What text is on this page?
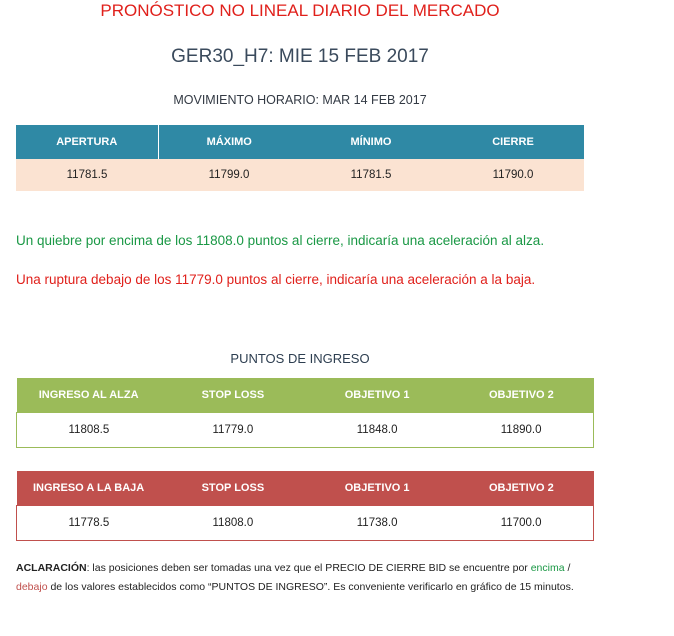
PRONÓSTICO NO LINEAL DIARIO DEL MERCADO
GER30_H7: MIE 15 FEB 2017
MOVIMIENTO HORARIO: MAR 14 FEB 2017
APERTURA	MÁXIMO	MÍNIMO	CIERRE
11781.5	11799.0	11781.5	11790.0
Un quiebre por encima de los 11808.0 puntos al cierre, indicaría una aceleración al alza.
Una ruptura debajo de los 11779.0 puntos al cierre, indicaría una aceleración a la baja.
PUNTOS DE INGRESO
INGRESO AL ALZA	STOP LOSS	OBJETIVO 1	OBJETIVO 2
11808.5	11779.0	11848.0	11890.0
INGRESO A LA BAJA	STOP LOSS	OBJETIVO 1	OBJETIVO 2
11778.5	11808.0	11738.0	11700.0
ACLARACIÓN: las posiciones deben ser tomadas una vez que el PRECIO DE CIERRE BID se encuentre por encima /
debajo de los valores establecidos como “PUNTOS DE INGRESO”. Es conveniente verificarlo en gráfico de 15 minutos.
